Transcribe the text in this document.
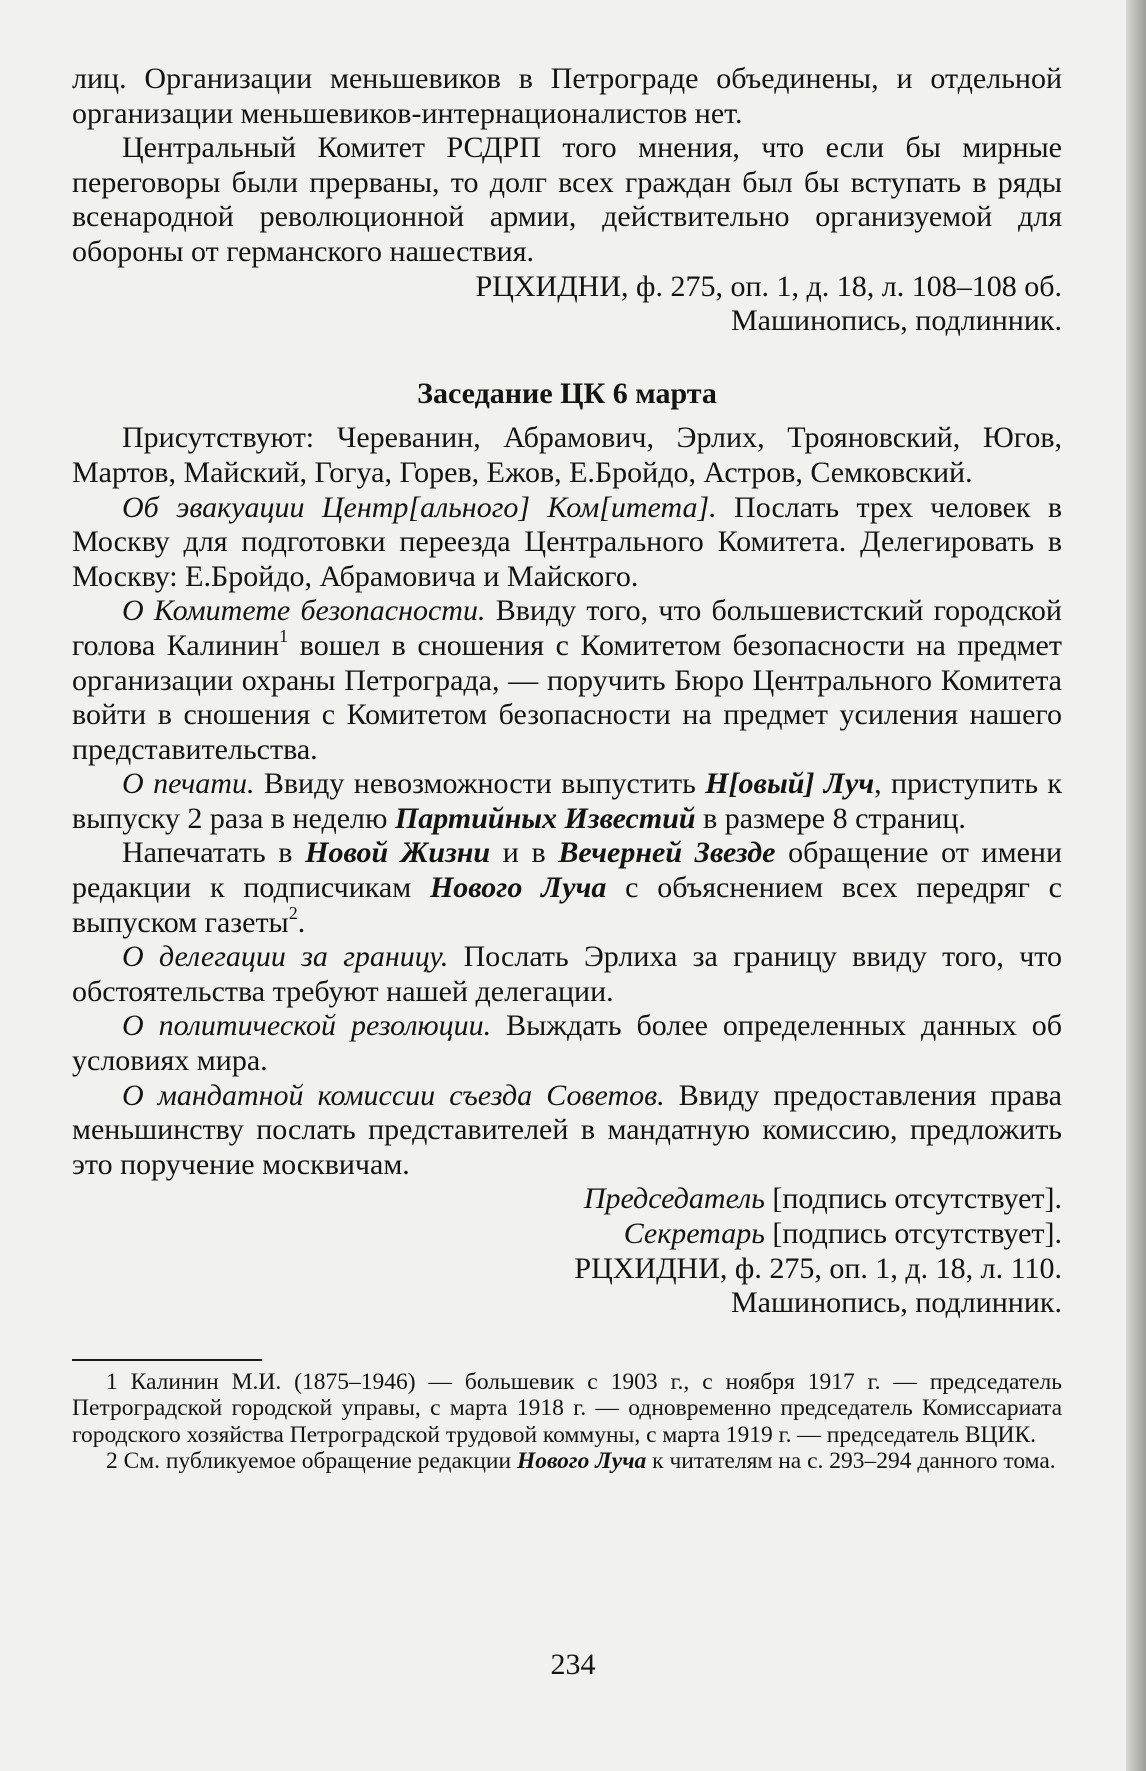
лиц. Организации меньшевиков в Петрограде объединены, и отдельной организации меньшевиков-интернационалистов нет.

Центральный Комитет РСДРП того мнения, что если бы мирные переговоры были прерваны, то долг всех граждан был бы вступать в ряды всенародной революционной армии, действительно организуемой для обороны от германского нашествия.

РЦХИДНИ, ф. 275, оп. 1, д. 18, л. 108–108 об.

Машинопись, подлинник.

Заседание ЦК 6 марта

Присутствуют: Череванин, Абрамович, Эрлих, Трояновский, Югов, Мартов, Майский, Гогуа, Горев, Ежов, Е.Бройдо, Астров, Семковский.

Об эвакуации Центр[ального] Ком[итета]. Послать трех человек в Москву для подготовки переезда Центрального Комитета. Делегировать в Москву: Е.Бройдо, Абрамовича и Майского.

О Комитете безопасности. Ввиду того, что большевистский городской голова Калинин$^1$ вошел в сношения с Комитетом безопасности на предмет организации охраны Петрограда, — поручить Бюро Центрального Комитета войти в сношения с Комитетом безопасности на предмет усиления нашего представительства.

О печати. Ввиду невозможности выпустить Н[овый] Луч, приступить к выпуску 2 раза в неделю Партийных Известий в размере 8 страниц.

Напечатать в Новой Жизни и в Вечерней Звезде обращение от имени редакции к подписчикам Нового Луча с объяснением всех передряг с выпуском газеты$^2$.

О делегации за границу. Послать Эрлиха за границу ввиду того, что обстоятельства требуют нашей делегации.

О политической резолюции. Выждать более определенных данных об условиях мира.

О мандатной комиссии съезда Советов. Ввиду предоставления права меньшинству послать представителей в мандатную комиссию, предложить это поручение москвичам.

Председатель [подпись отсутствует].

Секретарь [подпись отсутствует].

РЦХИДНИ, ф. 275, оп. 1, д. 18, л. 110.

Машинопись, подлинник.

1 Калинин М.И. (1875–1946) — большевик с 1903 г., с ноября 1917 г. — председатель Петроградской городской управы, с марта 1918 г. — одновременно председатель Комиссариата городского хозяйства Петроградской трудовой коммуны, с марта 1919 г. — председатель ВЦИК.

2 См. публикуемое обращение редакции Нового Луча к читателям на с. 293–294 данного тома.

234
